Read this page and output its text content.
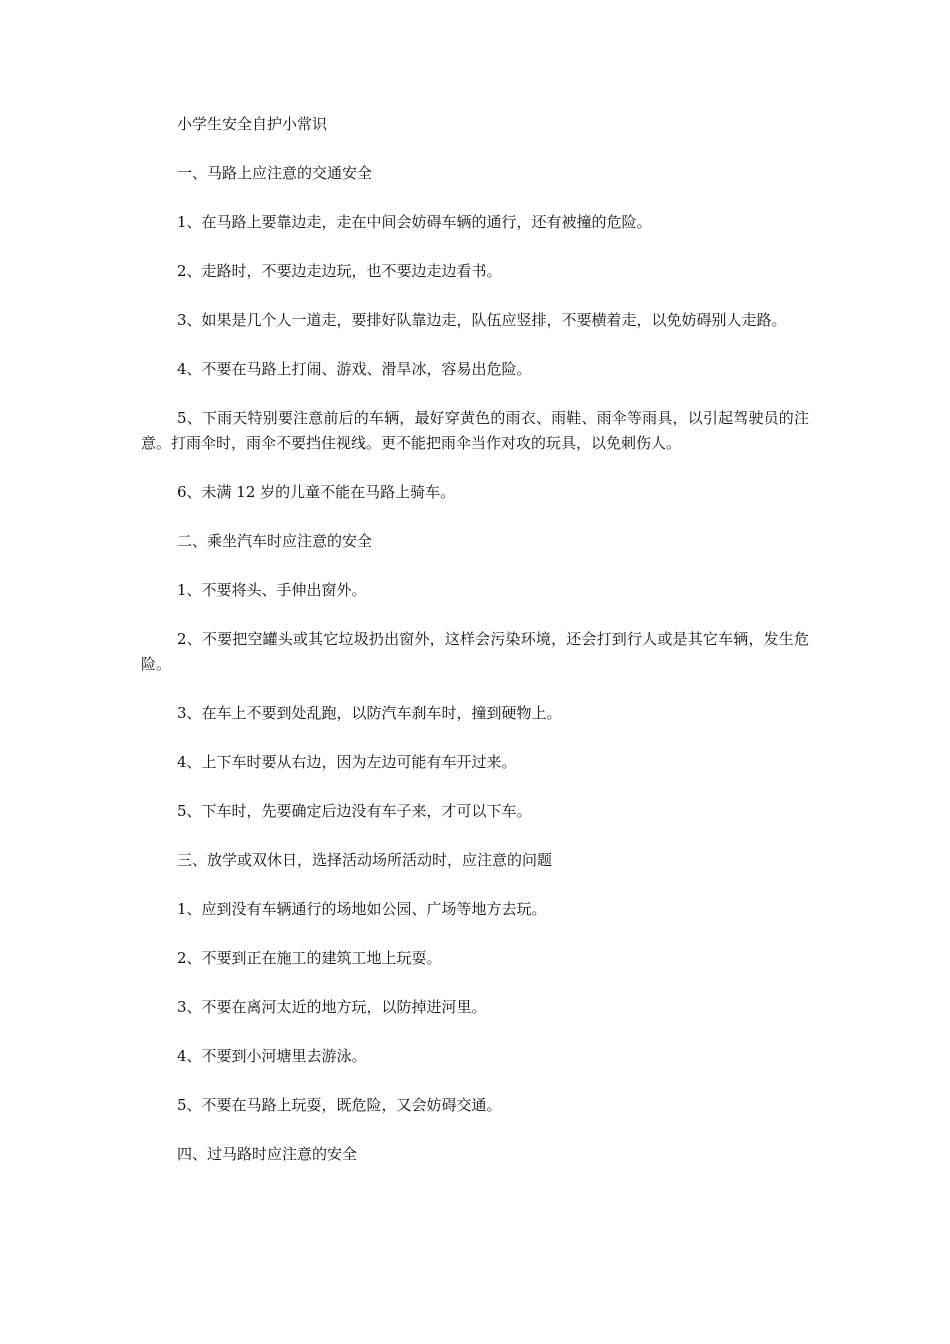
小学生安全自护小常识

一、马路上应注意的交通安全

1、在马路上要靠边走，走在中间会妨碍车辆的通行，还有被撞的危险。

2、走路时，不要边走边玩，也不要边走边看书。

3、如果是几个人一道走，要排好队靠边走，队伍应竖排，不要横着走，以免妨碍别人走路。

4、不要在马路上打闹、游戏、滑旱冰，容易出危险。

5、下雨天特别要注意前后的车辆，最好穿黄色的雨衣、雨鞋、雨伞等雨具，以引起驾驶员的注意。打雨伞时，雨伞不要挡住视线。更不能把雨伞当作对攻的玩具，以免刺伤人。

6、未满 12 岁的儿童不能在马路上骑车。

二、乘坐汽车时应注意的安全

1、不要将头、手伸出窗外。

2、不要把空罐头或其它垃圾扔出窗外，这样会污染环境，还会打到行人或是其它车辆，发生危险。

3、在车上不要到处乱跑，以防汽车刹车时，撞到硬物上。

4、上下车时要从右边，因为左边可能有车开过来。

5、下车时，先要确定后边没有车子来，才可以下车。

三、放学或双休日，选择活动场所活动时，应注意的问题

1、应到没有车辆通行的场地如公园、广场等地方去玩。

2、不要到正在施工的建筑工地上玩耍。

3、不要在离河太近的地方玩，以防掉进河里。

4、不要到小河塘里去游泳。

5、不要在马路上玩耍，既危险，又会妨碍交通。

四、过马路时应注意的安全
